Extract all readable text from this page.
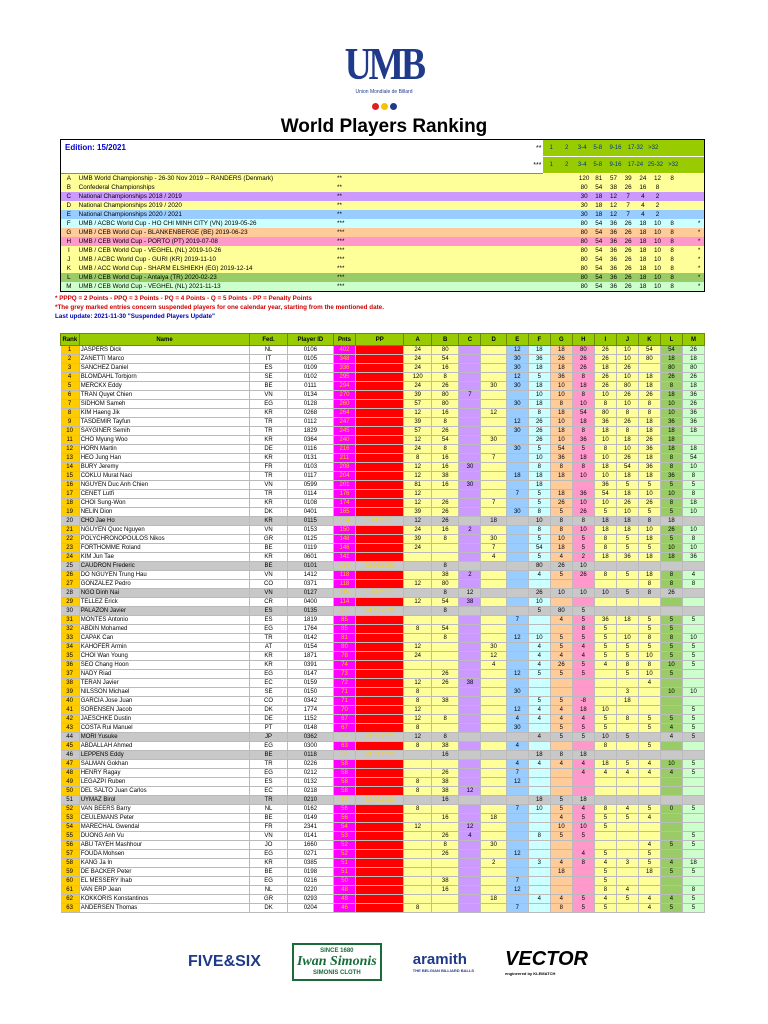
UMB
Union Mondiale de Billard
World Players Ranking
Edition: 15/2021	**
***
1	2	3-4	5-8	9-16	17-32 >32
1	2	3-4	5-8	9-16	17-24 25-32 >32
A	UMB World Championship - 26-30 Nov 2019 -- RANDERS (Denmark)	**	120 81	57	39	24	12	8
B	Confederal Championships	**	80	54	38	26	16	8
C	National Championships 2018 / 2019	**	30	18	12	7	4	2
D	National Championships 2019 / 2020	**	30	18	12	7	4	2
E	National Championships 2020 / 2021	**	30	18	12	7	4	2
F	UMB / ACBC World Cup - HO CHI MINH CITY (VN) 2019-05-26	***	80	54	36	26	18	10	8	*
G	UMB / CEB World Cup - BLANKENBERGE (BE) 2019-06-23	***	80	54	36	26	18	10	8	*
H	UMB / CEB World Cup - PORTO (PT) 2019-07-08	***	80	54	36	26	18	10	8	*
I	UMB / CEB World Cup - VEGHEL (NL) 2019-10-26	***	80	54	36	26	18	10	8	*
J	UMB / ACBC World Cup - GURI (KR) 2019-11-10	***	80	54	36	26	18	10	8	*
K	UMB / ACC World Cup - SHARM ELSHIEKH (EG) 2019-12-14	***	80	54	36	26	18	10	8	*
L	UMB / CEB World Cup - Antalya (TR) 2020-02-23	***	80	54	36	26	18	10	8	*
M	UMB / CEB World Cup - VEGHEL (NL) 2021-11-13	***	80	54	36	26	18	10	8	*
* PPPQ = 2 Points - PPQ = 3 Points - PQ = 4 Points - Q = 5 Points - PP = Penalty Points
*The grey marked entries concern suspended players for one calendar year, starting from the mentioned date.
Last update: 2021-11-30 "Suspended Players Update"
Rank	Name	Fed.	Player ID	Pnts	PP	A	B	C	D	E	F	G	H	I	J	K	L	M
1	JASPERS Dick	NL	0106	402		24	80			12	18	18	80	26	10	54	54	26
2	ZANETTI Marco	IT	0105	348		24	54			30	36	26	26	26	10	80	18	18
3	SANCHEZ Daniel	ES	0109	336		24	16			30	18	18	26	18	26		80	80
4	BLOMDAHL Torbjorn	SE	0102	295		120	8			12	5	36	8	26	10	18	26	26
5	MERCKX Eddy	BE	0111	294		24	26		30	30	18	10	18	26	80	18	8	18
6	TRAN Quyet Chien	VN	0134	270		39	80	7			10	10	8	10	26	26	18	36
7	SIDHOM Sameh	EG	0128	260		57	80			30	18	8	10	8	10	8	10	26
8	KIM Haeng Jik	KR	0268	264		12	16		12		8	18	54	80	8	8	10	36
9	TASDEMIR Tayfun	TR	0112	247		39	8			12	26	10	18	36	26	18	36	36
10	SAYGINER Semih	TR	1829	245		57	26			30	26	18	8	18	8	18	18	18
11	CHO Myung Woo	KR	0364	240		12	54		30		26	10	36	10	18	26	18	
12	HORN Martin	DE	0116	216		24	8			30	5	54	5	8	10	36	18	18
13	HEO Jung Han	KR	0131	211		8	16		7		10	36	18	10	26	18	8	54
14	BURY Jeremy	FR	0103	208		12	16	30			8	8	8	18	54	36	8	10
15	COKLU Murat Naci	TR	0117	204		12	38			18	18	18	10	10	18	18	36	8
16	NGUYEN Duc Anh Chien	VN	0599	201		81	16	30			18			36	5	5	5	5
17	CENET Lutfi	TR	0114	176		12				7	5	18	36	54	18	10	10	8
18	CHOI Sung-Won	KR	0108	174		12	26		7		5	26	10	10	26	26	8	18
19	NELIN Dion	DK	0401	165		39	26			30	8	5	26	5	10	5	5	10
20	CHO Jae Ho	KR	0115	154	5.01.2021	12	26		18		10	8	8	18	18	8	18	
21	NGUYEN Quoc Nguyen	VN	0153	150		24	16	2			8	8	10	18	18	10	26	10
22	POLYCHRONOPOULOS Nikos	GR	0125	148		39	8		30		5	10	5	8	5	18	5	8
23	FORTHOMME Roland	BE	0119	146		24			7		54	18	5	8	5	5	10	10
24	KIM Jun Tae	KR	0601	141					4		5	4	2	18	36	18	18	36
25	CAUDRON Frederic	BE	0101	124	23.09.2021		8				80	26	10					
26	DO NGUYEN Trung Hau	VN	1412	118			38	2			4	5	26	8	5	18	8	4
27	GONZALEZ Pedro	CO	0371	118		12	80									8	8	8
28	NGO Dinh Nai	VN	0127	115	5.01.2021		8	12			26	10	10	10	5	8	26	
29	TELLEZ Erick	CR	0400	114		12	54	38			10							
30	PALAZON Javier	ES	0135	96	24.11.2021		8				5	80	5					
31	MONTES Antonio	ES	1819	85						7		4	5	36	18	5	5	5
32	ABDIN Mohamed	EG	1764	85		8	54						8	5		5	5	
33	CAPAK Can	TR	0142	81			8			12	10	5	5	5	10	8	8	10
34	KAHOFER Armin	AT	0154	80		12			30		4	5	4	5	5	5	5	5
35	CHOI Wan Young	KR	1871	78		24			12		4	4	4	5	5	10	5	5
36	SEO Chang Hoon	KR	0391	74					4		4	26	5	4	8	8	10	5
37	NADY Riad	EG	0147	73			26			12	5	5	5		5	10	5	
38	TERAN Javier	EC	0159	72		12	26	38								4		
39	NILSSON Michael	SE	0150	71		8				30					3		10	10
40	GARCIA Jose Juan	CO	0342	71		8	38				5	5	-8		18			
41	SORENSEN Jacob	DK	1774	70		12				12	4	4	18	10				5
42	JAESCHKE Dustin	DE	1152	67		12	8			4	4	4	4	5	8	5	5	5
43	COSTA Rui Manuel	PT	0148	67		8				30		5	5	5		5	4	5
44	MORI Yusuke	JP	0362	63	23.09.2021	12	8				4	5	5	10	5		4	5
45	ABDALLAH Ahmed	EG	0300	63		8	38			4				8		5		
46	LEPPENS Eddy	BE	0118	60	23.09.2021		16				18	8	18					
47	SALMAN Gokhan	TR	0226	58						4	4	4	4	18	5	4	10	5
48	HENRY Ragay	EG	0212	58			26			7			4	4	4	4	4	5
49	LEGAZPI Ruben	ES	0132	58		8	38			12								
50	DEL SALTO Juan Carlos	EC	0218	58		8	38	12										
51	UYMAZ Birol	TR	0210	57	23.09.2021		16				18	5	18					
52	VAN BEERS Barry	NL	0162	56		8				7	10	5	4	8	4	5	0	5
53	CEULEMANS Peter	BE	0149	56			16		18			4	5	5	5	4		
54	MARECHAL Gwendal	FR	2341	54		12		12				10	10	5				
55	DUONG Anh Vu	VN	0141	53			26	4			8	5	5					5
56	ABU TAYEH Mashhour	JO	1660	52			8		30							4	5	5
57	FOUDA Mohsen	EG	0271	52			26			12			4	5		5		
58	KANG Ja In	KR	0385	51					2		3	4	8	4	3	5	4	18
59	DE BACKER Peter	BE	0198	51								18		5		18	5	5
60	EL MESSERY Ihab	EG	0216	50			38			7				5				
61	VAN ERP Jean	NL	0220	48			16			12				8	4			8
62	KOKKORIS Konstantinos	GR	0293	48					18		4	4	5	4	5	4	4	5
63	ANDERSEN Thomas	DK	0204	46		8				7		8	5	5		4	5	5
FIVE&SIX
SINCE 1680
Iwan Simonis
SIMONIS CLOTH
aramith
THE BELGIAN BILLIARD BALLS
VECTOR
engineered by KLEMATCH
